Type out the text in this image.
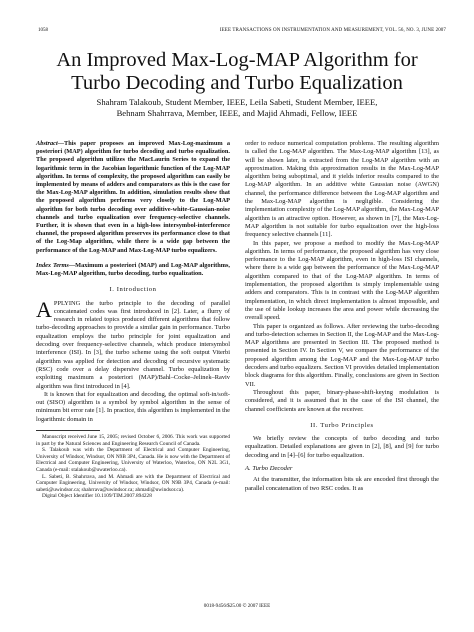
1058	IEEE TRANSACTIONS ON INSTRUMENTATION AND MEASUREMENT, VOL. 56, NO. 3, JUNE 2007
An Improved Max-Log-MAP Algorithm for
Turbo Decoding and Turbo Equalization
Shahram Talakoub, Student Member, IEEE, Leila Sabeti, Student Member, IEEE,
Behnam Shahrrava, Member, IEEE, and Majid Ahmadi, Fellow, IEEE
Abstract—This paper proposes an improved Max-Log-maximum a posteriori (MAP) algorithm for turbo decoding and turbo equalization. The proposed algorithm utilizes the MacLaurin Series to expand the logarithmic term in the Jacobian logarithmic function of the Log-MAP algorithm. In terms of complexity, the proposed algorithm can easily be implemented by means of adders and comparators as this is the case for the Max-Log-MAP algorithm. In addition, simulation results show that the proposed algorithm performs very closely to the Log-MAP algorithm for both turbo decoding over additive-white-Gaussian-noise channels and turbo equalization over frequency-selective channels. Further, it is shown that even in a high-loss intersymbol-interference channel, the proposed algorithm preserves its performance close to that of the Log-Map algorithm, while there is a wide gap between the performance of the Log-MAP and Max-Log-MAP turbo equalizers.
Index Terms—Maximum a posteriori (MAP) and Log-MAP algorithms, Max-Log-MAP algorithm, turbo decoding, turbo equalization.
I. Introduction

APPLYING the turbo principle to the decoding of parallel concatenated codes was first introduced in [2]. Later, a flurry of research in related topics produced different algorithms that follow turbo-decoding approaches to provide a similar gain in performance. Turbo equalization employs the turbo principle for joint equalization and decoding over frequency-selective channels, which produce intersymbol interference (ISI). In [3], the turbo scheme using the soft output Viterbi algorithm was applied for detection and decoding of recursive systematic (RSC) code over a delay dispersive channel. Turbo equalization by exploiting maximum a posteriori (MAP)/Bahl–Cocke–Jelinek–Raviv algorithm was first introduced in [4].

It is known that for equalization and decoding, the optimal soft-in/soft-out (SISO) algorithm is a symbol by symbol algorithm in the sense of minimum bit error rate [1]. In practice, this algorithm is implemented in the logarithmic domain in

Manuscript received June 15, 2005; revised October 6, 2006. This work was supported in part by the Natural Sciences and Engineering Research Council of Canada.

S. Talakoub was with the Department of Electrical and Computer Engineering, University of Windsor, Windsor, ON N9B 3P4, Canada. He is now with the Department of Electrical and Computer Engineering, University of Waterloo, Waterloo, ON N2L 3G1, Canada (e-mail: stalakoub@uwaterloo.ca).

L. Sabeti, B. Shahrrava, and M. Ahmadi are with the Department of Electrical and Computer Engineering, University of Windsor, Windsor, ON N9B 3P4, Canada (e-mail: sabeti@uwindsor.ca; shahrrava@uwindsor.ca; ahmadi@uwindsor.ca).

Digital Object Identifier 10.1109/TIM.2007.894228

order to reduce numerical computation problems. The resulting algorithm is called the Log-MAP algorithm. The Max-Log-MAP algorithm [13], as will be shown later, is extracted from the Log-MAP algorithm with an approximation. Making this approximation results in the Max-Log-MAP algorithm being suboptimal, and it yields inferior results compared to the Log-MAP algorithm. In an additive white Gaussian noise (AWGN) channel, the performance difference between the Log-MAP algorithm and the Max-Log-MAP algorithm is negligible. Considering the implementation complexity of the Log-MAP algorithm, the Max-Log-MAP algorithm is an attractive option. However, as shown in [7], the Max-Log-MAP algorithm is not suitable for turbo equalization over the high-loss frequency selective channels [11].

In this paper, we propose a method to modify the Max-Log-MAP algorithm. In terms of performance, the proposed algorithm has very close performance to the Log-MAP algorithm, even in high-loss ISI channels, where there is a wide gap between the performance of the Max-Log-MAP algorithm compared to that of the Log-MAP algorithm. In terms of implementation, the proposed algorithm is simply implementable using adders and comparators. This is in contrast with the Log-MAP algorithm implementation, in which direct implementation is almost impossible, and the use of table lookup increases the area and power while decreasing the overall speed.

This paper is organized as follows. After reviewing the turbo-decoding and turbo-detection schemes in Section II, the Log-MAP and the Max-Log-MAP algorithms are presented in Section III. The proposed method is presented in Section IV. In Section V, we compare the performance of the proposed algorithm among the Log-MAP and the Max-Log-MAP turbo decoders and turbo equalizers. Section VI provides detailed implementation block diagrams for this algorithm. Finally, conclusions are given in Section VII.

Throughout this paper, binary-phase-shift-keying modulation is considered, and it is assumed that in the case of the ISI channel, the channel coefficients are known at the receiver.

II. Turbo Principles

We briefly review the concepts of turbo decoding and turbo equalization. Detailed explanations are given in [2], [8], and [9] for turbo decoding and in [4]–[6] for turbo equalization.

A. Turbo Decoder

At the transmitter, the information bits uk are encoded first through the parallel concatenation of two RSC codes. It as

0018-9456/$25.00 © 2007 IEEE
